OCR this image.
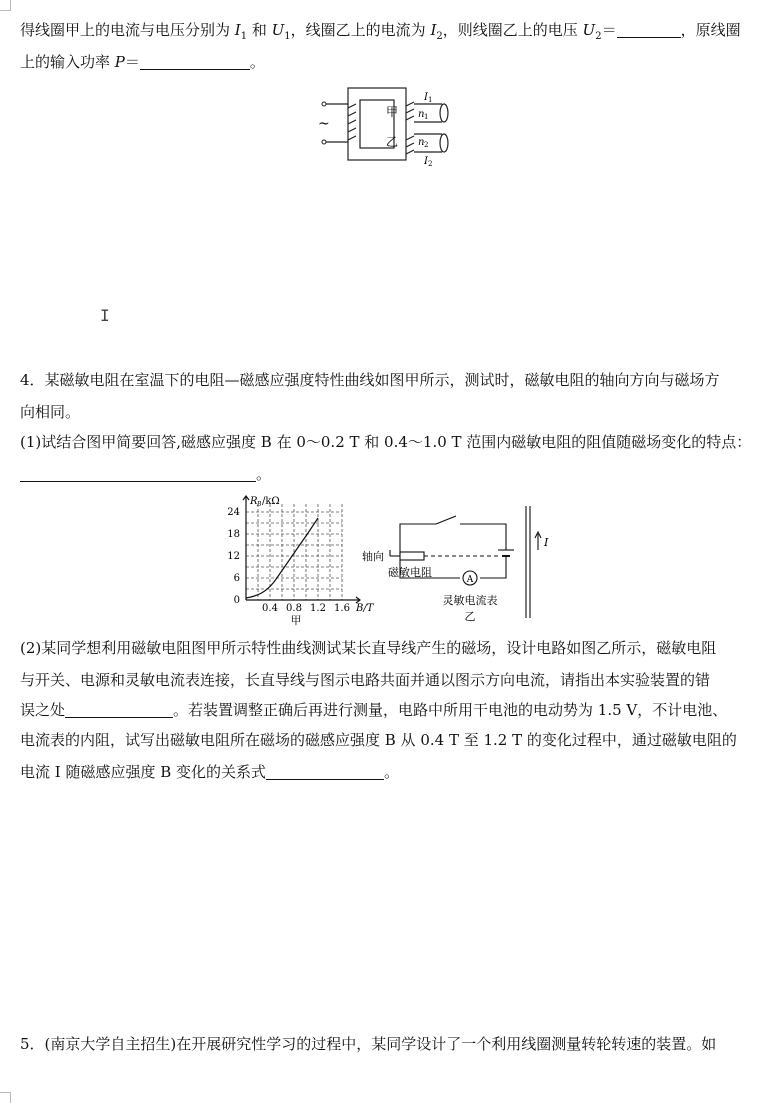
得线圈甲上的电流与电压分别为 $I_1$ 和 $U_1$，线圈乙上的电流为 $I_2$，则线圈乙上的电压 $U_2=$	，原线圈
上的输入功率 P＝	。
~
甲
乙
I 1
n 1
n 2
I 2
I
4．某磁敏电阻在室温下的电阻—磁感应强度特性曲线如图甲所示，测试时，磁敏电阻的轴向方向与磁场方
向相同。
(1)试结合图甲简要回答,磁感应强度 B 在 0～0.2 T 和 0.4～1.0 T 范围内磁敏电阻的阻值随磁场变化的特点：
。
R B /kΩ
24
18
12
6
0
0.4 0.8 1.2 1.6 B/T
甲
A
轴向
磁敏电阻
灵敏电流表
I
乙
(2)某同学想利用磁敏电阻图甲所示特性曲线测试某长直导线产生的磁场，设计电路如图乙所示，磁敏电阻
与开关、电源和灵敏电流表连接，长直导线与图示电路共面并通以图示方向电流，请指出本实验装置的错
误之处	。若装置调整正确后再进行测量，电路中所用干电池的电动势为 1.5 V，不计电池、
电流表的内阻，试写出磁敏电阻所在磁场的磁感应强度 B 从 0.4 T 至 1.2 T 的变化过程中，通过磁敏电阻的
电流 I 随磁感应强度 B 变化的关系式	。
5．(南京大学自主招生)在开展研究性学习的过程中，某同学设计了一个利用线圈测量转轮转速的装置。如
